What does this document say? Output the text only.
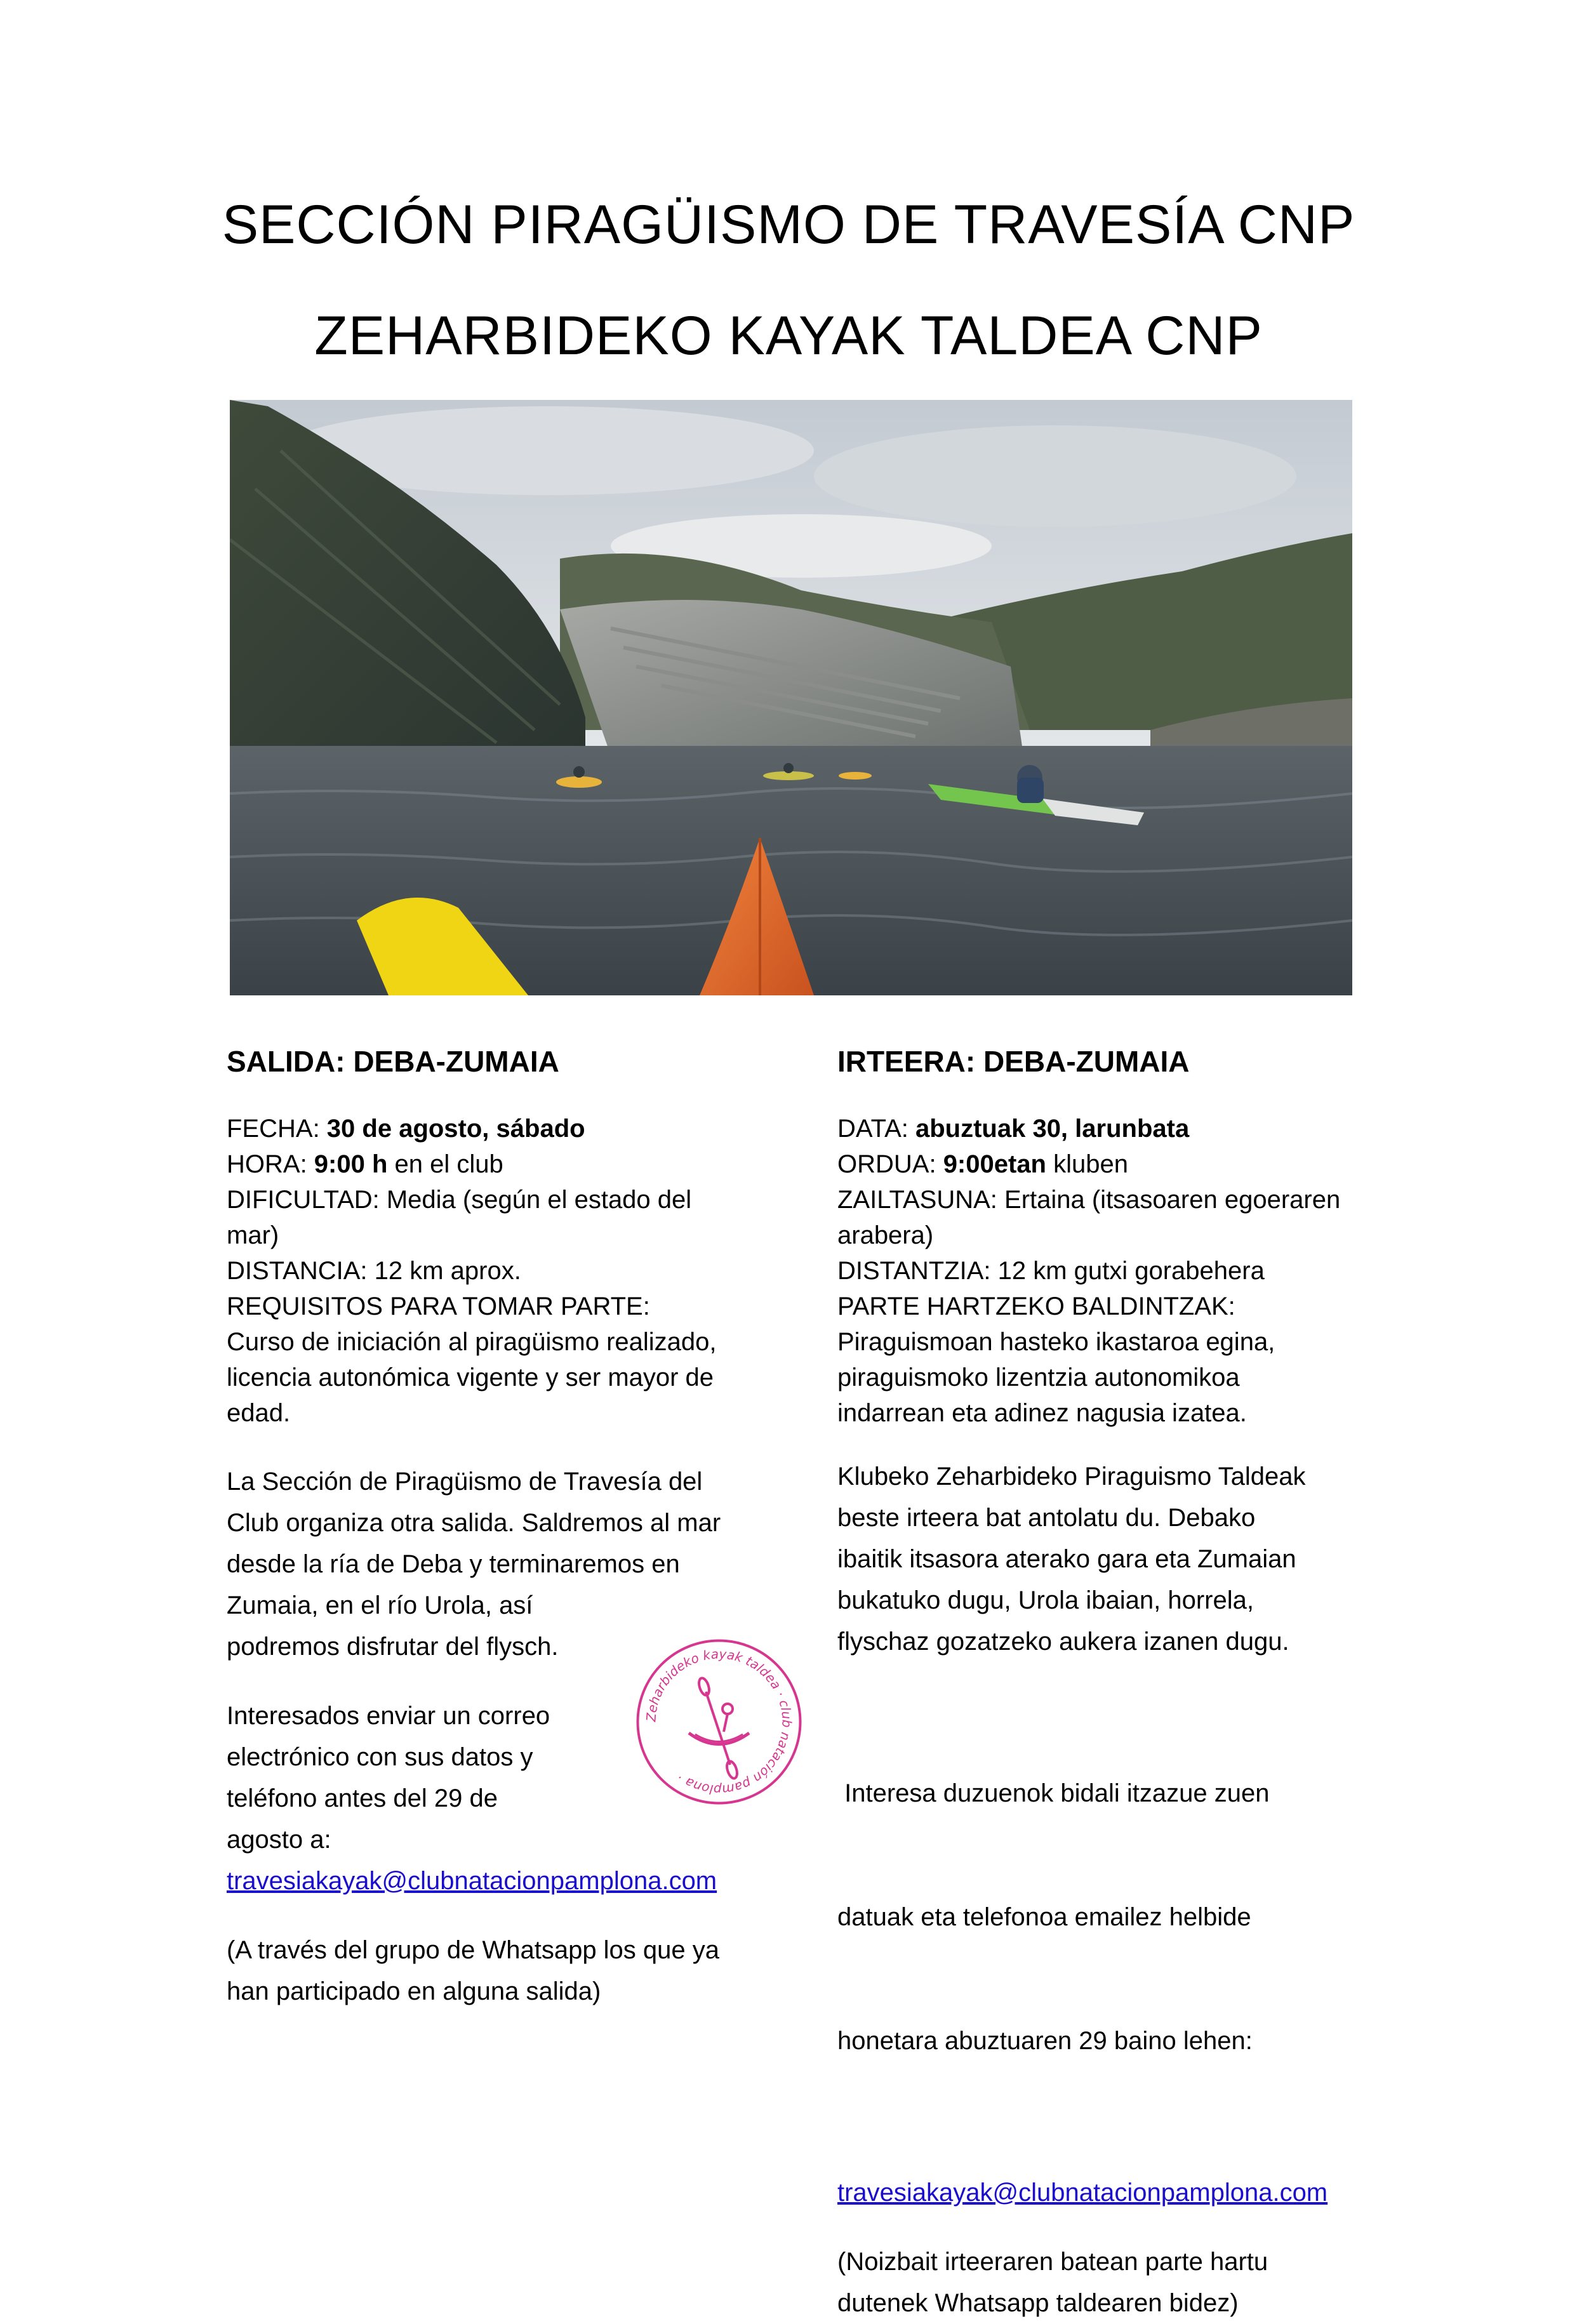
SECCIÓN PIRAGÜISMO DE TRAVESÍA CNP
ZEHARBIDEKO KAYAK TALDEA CNP

SALIDA: DEBA-ZUMAIA

FECHA: 30 de agosto, sábado

HORA: 9:00 h en el club

DIFICULTAD: Media (según el estado del

mar)

DISTANCIA: 12 km aprox.

REQUISITOS PARA TOMAR PARTE:

Curso de iniciación al piragüismo realizado,

licencia autonómica vigente y ser mayor de

edad.

La Sección de Piragüismo de Travesía del
Club organiza otra salida. Saldremos al mar
desde la ría de Deba y terminaremos en
Zumaia, en el río Urola, así
podremos disfrutar del flysch.
Interesados enviar un correo
electrónico con sus datos y
teléfono antes del 29 de
agosto a:
travesiakayak@clubnatacionpamplona.com
(A través del grupo de Whatsapp los que ya
han participado en alguna salida)

IRTEERA: DEBA-ZUMAIA

DATA: abuztuak 30, larunbata

ORDUA: 9:00etan kluben

ZAILTASUNA: Ertaina (itsasoaren egoeraren

arabera)

DISTANTZIA: 12 km gutxi gorabehera

PARTE HARTZEKO BALDINTZAK:

Piraguismoan hasteko ikastaroa egina,

piraguismoko lizentzia autonomikoa

indarrean eta adinez nagusia izatea.

Klubeko Zeharbideko Piraguismo Taldeak
beste irteera bat antolatu du. Debako
ibaitik itsasora aterako gara eta Zumaian
bukatuko dugu, Urola ibaian, horrela,
flyschaz gozatzeko aukera izanen dugu.

Interesa duzuenok bidali itzazue zuen

datuak eta telefonoa emailez helbide

honetara abuztuaren 29 baino lehen:

travesiakayak@clubnatacionpamplona.com
(Noizbait irteeraren batean parte hartu
dutenek Whatsapp taldearen bidez)
Zeharbideko kayak taldea · club natación pamplona ·
